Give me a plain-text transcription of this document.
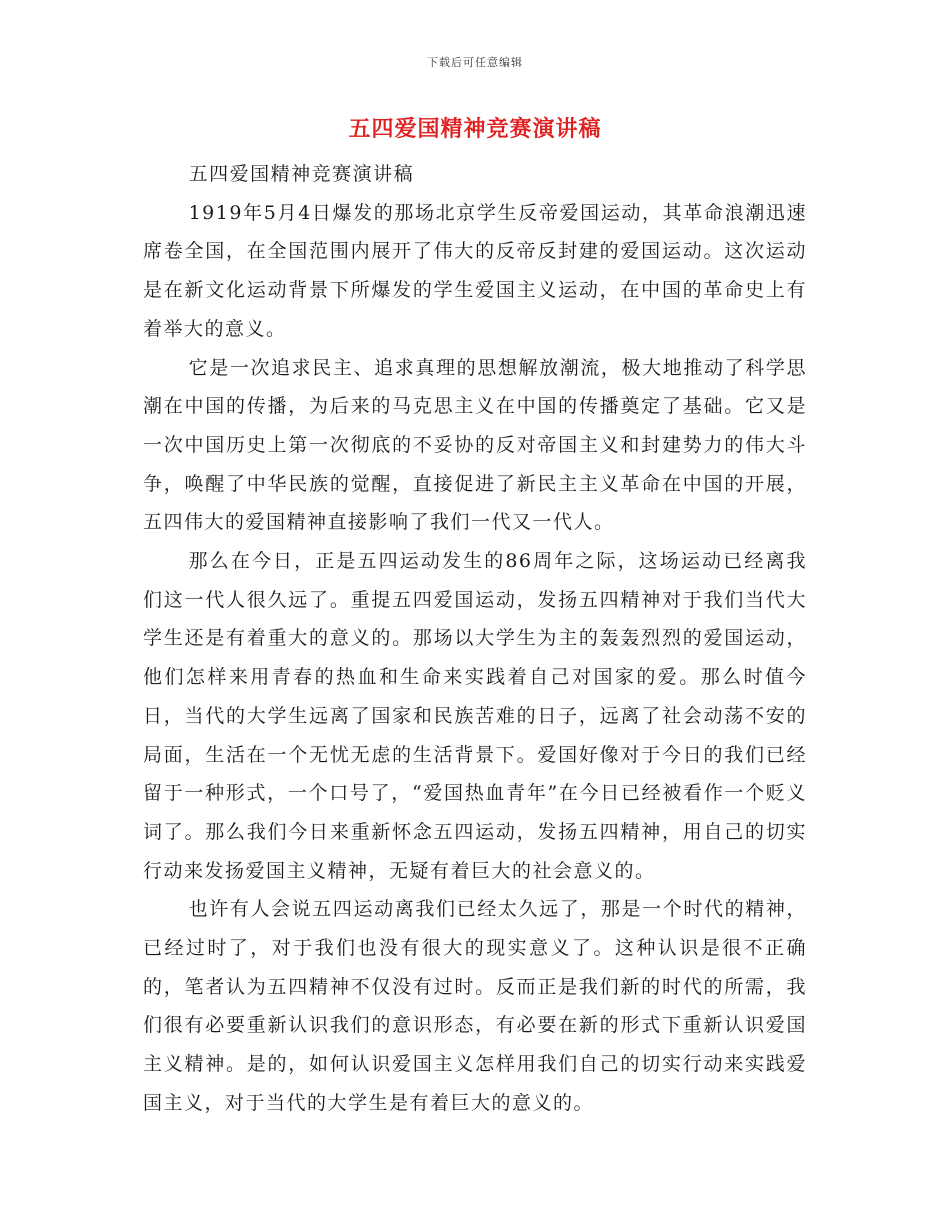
下载后可任意编辑
五四爱国精神竞赛演讲稿

五四爱国精神竞赛演讲稿

1919年5月4日爆发的那场北京学生反帝爱国运动，其革命浪潮迅速席卷全国，在全国范围内展开了伟大的反帝反封建的爱国运动。这次运动是在新文化运动背景下所爆发的学生爱国主义运动，在中国的革命史上有着举大的意义。

它是一次追求民主、追求真理的思想解放潮流，极大地推动了科学思潮在中国的传播，为后来的马克思主义在中国的传播奠定了基础。它又是一次中国历史上第一次彻底的不妥协的反对帝国主义和封建势力的伟大斗争，唤醒了中华民族的觉醒，直接促进了新民主主义革命在中国的开展，五四伟大的爱国精神直接影响了我们一代又一代人。

那么在今日，正是五四运动发生的86周年之际，这场运动已经离我们这一代人很久远了。重提五四爱国运动，发扬五四精神对于我们当代大学生还是有着重大的意义的。那场以大学生为主的轰轰烈烈的爱国运动，他们怎样来用青春的热血和生命来实践着自己对国家的爱。那么时值今日，当代的大学生远离了国家和民族苦难的日子，远离了社会动荡不安的局面，生活在一个无忧无虑的生活背景下。爱国好像对于今日的我们已经留于一种形式，一个口号了，“爱国热血青年”在今日已经被看作一个贬义词了。那么我们今日来重新怀念五四运动，发扬五四精神，用自己的切实行动来发扬爱国主义精神，无疑有着巨大的社会意义的。

也许有人会说五四运动离我们已经太久远了，那是一个时代的精神，已经过时了，对于我们也没有很大的现实意义了。这种认识是很不正确的，笔者认为五四精神不仅没有过时。反而正是我们新的时代的所需，我们很有必要重新认识我们的意识形态，有必要在新的形式下重新认识爱国主义精神。是的，如何认识爱国主义怎样用我们自己的切实行动来实践爱国主义，对于当代的大学生是有着巨大的意义的。
